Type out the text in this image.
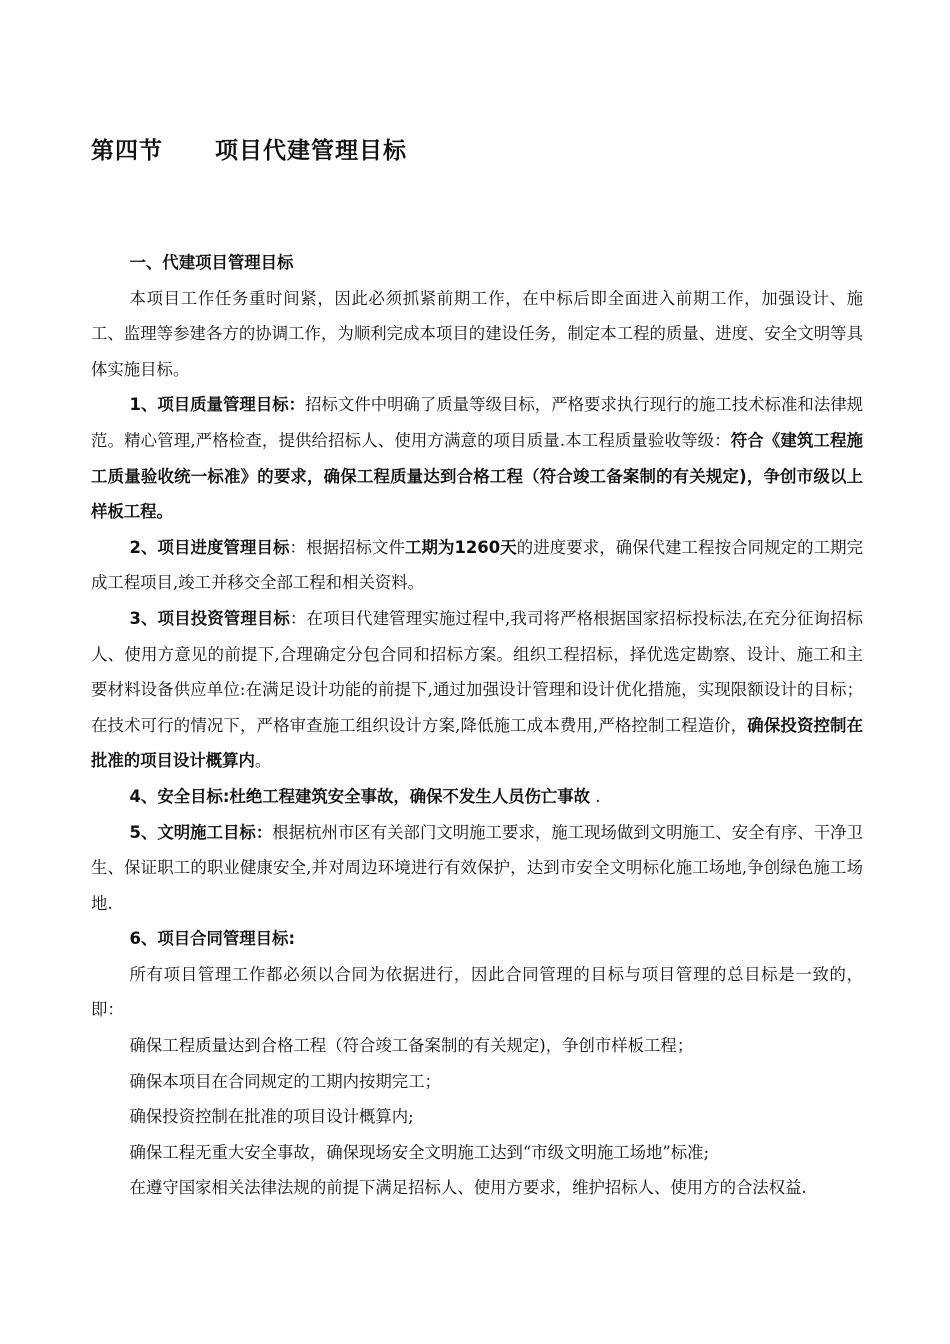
第四节 项目代建管理目标

一、代建项目管理目标

本项目工作任务重时间紧，因此必须抓紧前期工作，在中标后即全面进入前期工作，加强设计、施工、监理等参建各方的协调工作，为顺利完成本项目的建设任务，制定本工程的质量、进度、安全文明等具体实施目标。

1、项目质量管理目标：招标文件中明确了质量等级目标，严格要求执行现行的施工技术标准和法律规范。精心管理,严格检查，提供给招标人、使用方满意的项目质量.本工程质量验收等级：符合《建筑工程施工质量验收统一标准》的要求，确保工程质量达到合格工程（符合竣工备案制的有关规定)，争创市级以上样板工程。

2、项目进度管理目标：根据招标文件工期为1260天的进度要求，确保代建工程按合同规定的工期完成工程项目,竣工并移交全部工程和相关资料。

3、项目投资管理目标：在项目代建管理实施过程中,我司将严格根据国家招标投标法,在充分征询招标人、使用方意见的前提下,合理确定分包合同和招标方案。组织工程招标，择优选定勘察、设计、施工和主要材料设备供应单位:在满足设计功能的前提下,通过加强设计管理和设计优化措施，实现限额设计的目标；在技术可行的情况下，严格审查施工组织设计方案,降低施工成本费用,严格控制工程造价，确保投资控制在批准的项目设计概算内。

4、安全目标:杜绝工程建筑安全事故，确保不发生人员伤亡事故 .

5、文明施工目标：根据杭州市区有关部门文明施工要求，施工现场做到文明施工、安全有序、干净卫生、保证职工的职业健康安全,并对周边环境进行有效保护，达到市安全文明标化施工场地,争创绿色施工场地.

6、项目合同管理目标:

所有项目管理工作都必须以合同为依据进行，因此合同管理的目标与项目管理的总目标是一致的，即：

确保工程质量达到合格工程（符合竣工备案制的有关规定)，争创市样板工程；

确保本项目在合同规定的工期内按期完工；

确保投资控制在批准的项目设计概算内;

确保工程无重大安全事故，确保现场安全文明施工达到“市级文明施工场地”标准;

在遵守国家相关法律法规的前提下满足招标人、使用方要求，维护招标人、使用方的合法权益.
